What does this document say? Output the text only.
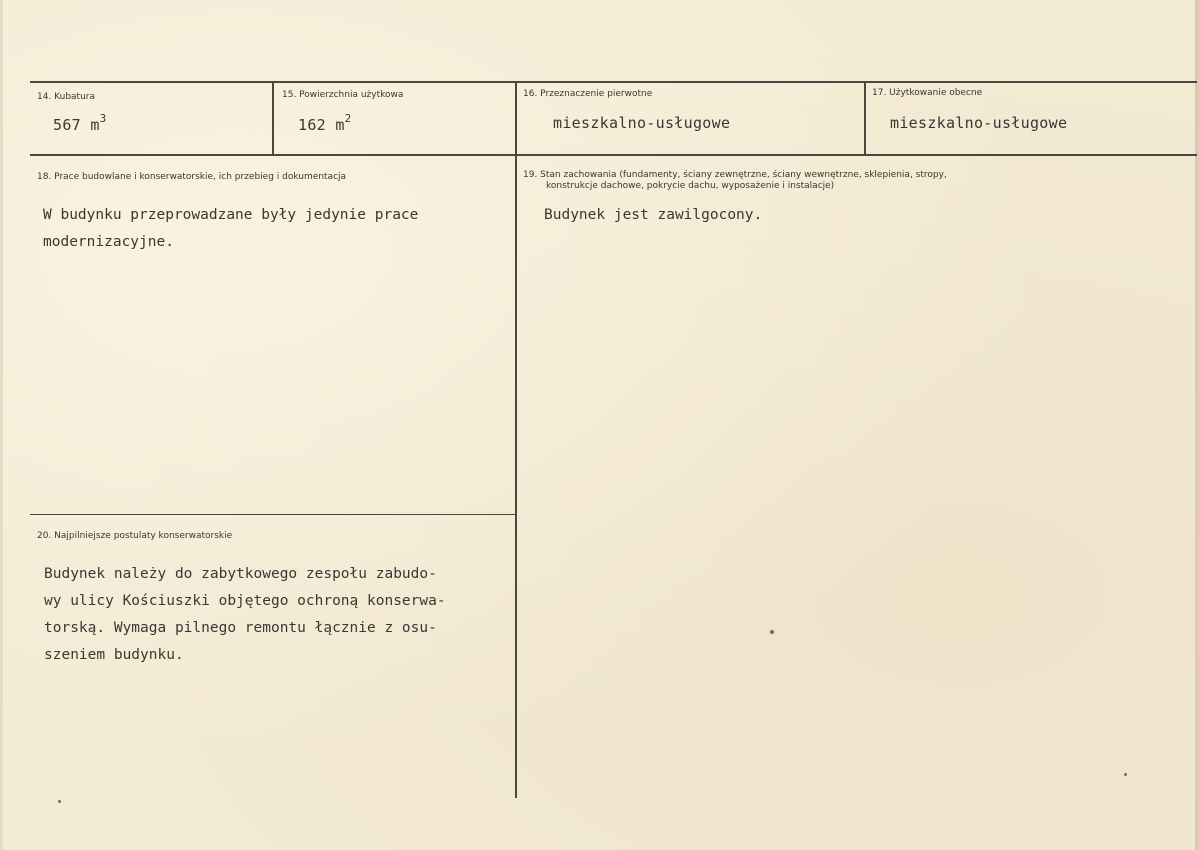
14. Kubatura
567 $m^3$
15. Powierzchnia użytkowa
162 $m^2$
16. Przeznaczenie pierwotne
mieszkalno-usługowe
17. Użytkowanie obecne
mieszkalno-usługowe
18. Prace budowlane i konserwatorskie, ich przebieg i dokumentacja
W budynku przeprowadzane były jedynie prace
modernizacyjne.
19. Stan zachowania (fundamenty, ściany zewnętrzne, ściany wewnętrzne, sklepienia, stropy,
konstrukcje dachowe, pokrycie dachu, wyposażenie i instalacje)
Budynek jest zawilgocony.
20. Najpilniejsze postulaty konserwatorskie
Budynek należy do zabytkowego zespołu zabudo-
wy ulicy Kościuszki objętego ochroną konserwa-
torską. Wymaga pilnego remontu łącznie z osu-
szeniem budynku.
